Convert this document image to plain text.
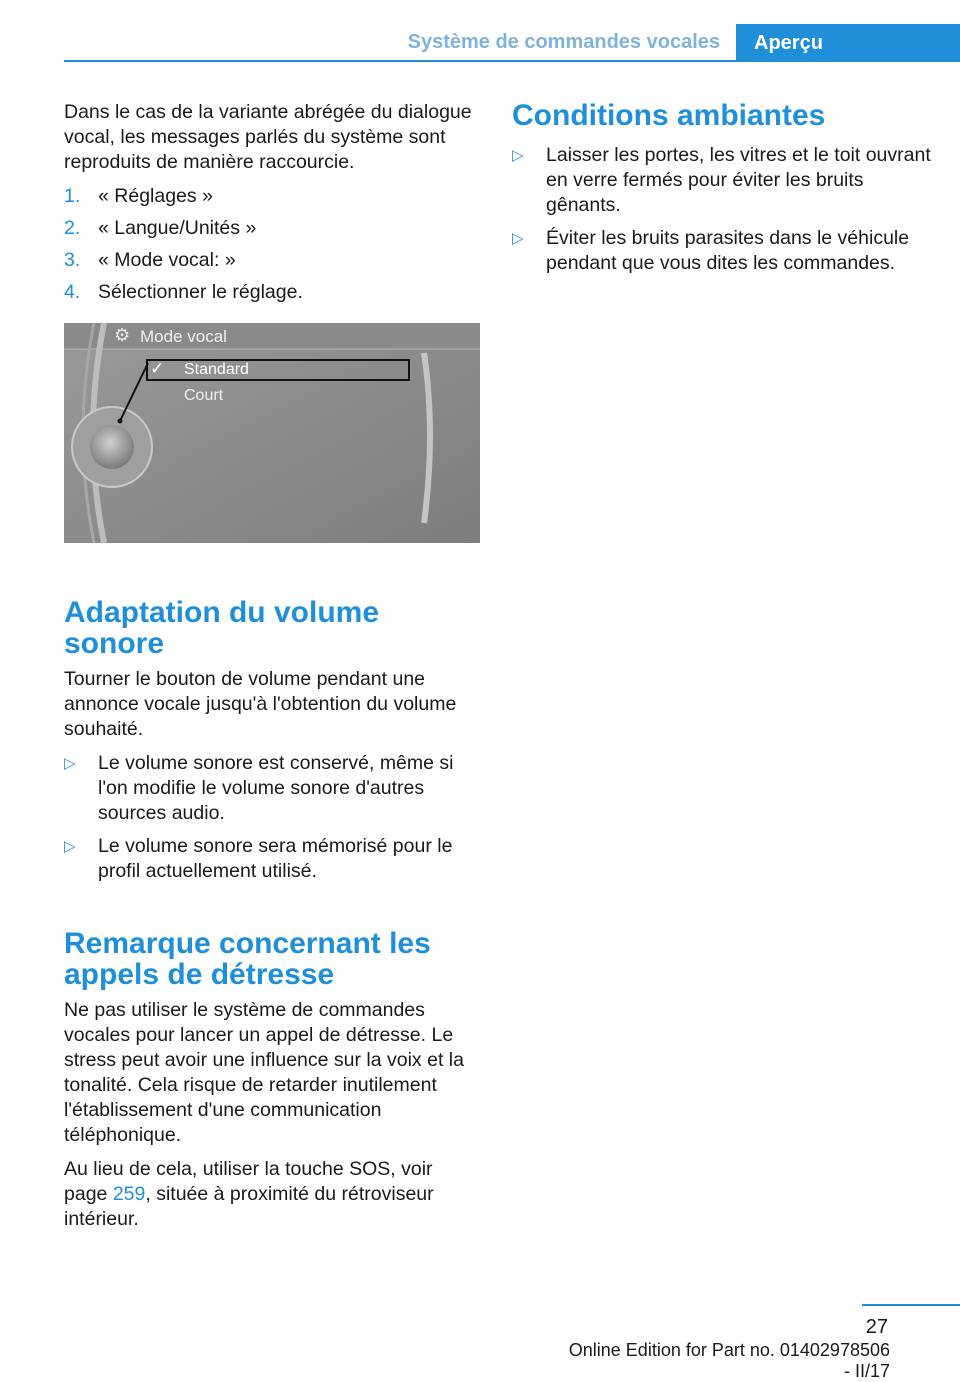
Système de commandes vocales	Aperçu

Dans le cas de la variante abrégée du dialogue vocal, les messages parlés du système sont reproduits de manière raccourcie.

1. « Réglages »
2. « Langue/Unités »
3. « Mode vocal: »
4. Sélectionner le réglage.
⚙ Mode vocal
✓ Standard
Court
Adaptation du volume sonore

Tourner le bouton de volume pendant une annonce vocale jusqu'à l'obtention du volume souhaité.

▷ Le volume sonore est conservé, même si l'on modifie le volume sonore d'autres sources audio.
▷ Le volume sonore sera mémorisé pour le profil actuellement utilisé.
Remarque concernant les appels de détresse

Ne pas utiliser le système de commandes vocales pour lancer un appel de détresse. Le stress peut avoir une influence sur la voix et la tonalité. Cela risque de retarder inutilement l'établissement d'une communication téléphonique.

Au lieu de cela, utiliser la touche SOS, voir page 259, située à proximité du rétroviseur intérieur.

Conditions ambiantes
▷ Laisser les portes, les vitres et le toit ouvrant en verre fermés pour éviter les bruits gênants.
▷ Éviter les bruits parasites dans le véhicule pendant que vous dites les commandes.
27
Online Edition for Part no. 01402978506 - II/17
